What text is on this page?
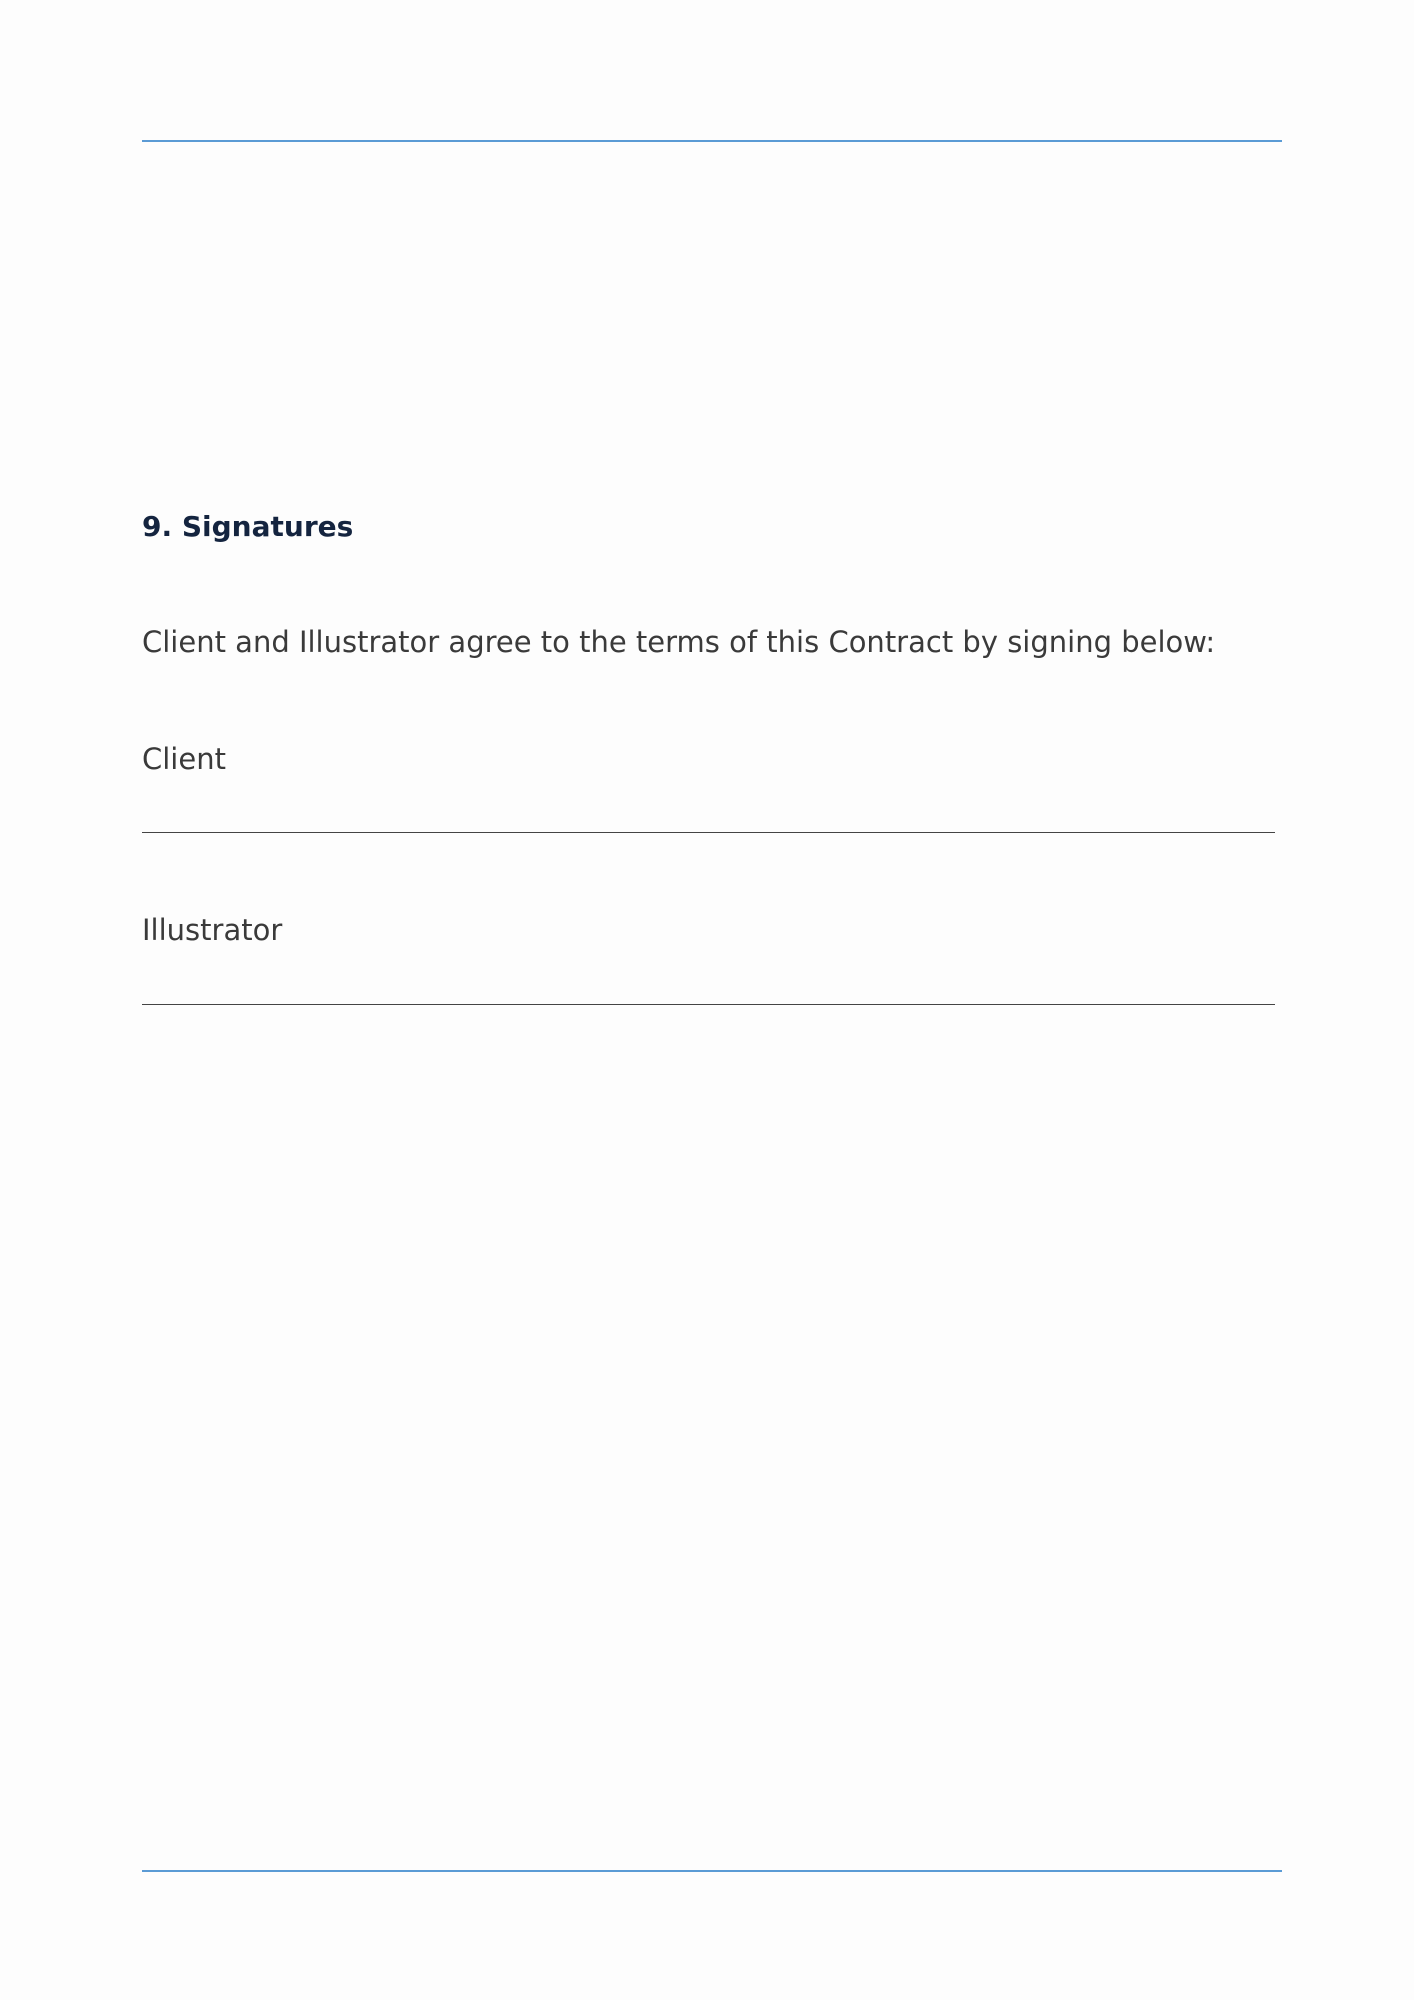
9. Signatures
Client and Illustrator agree to the terms of this Contract by signing below:
Client
Illustrator
